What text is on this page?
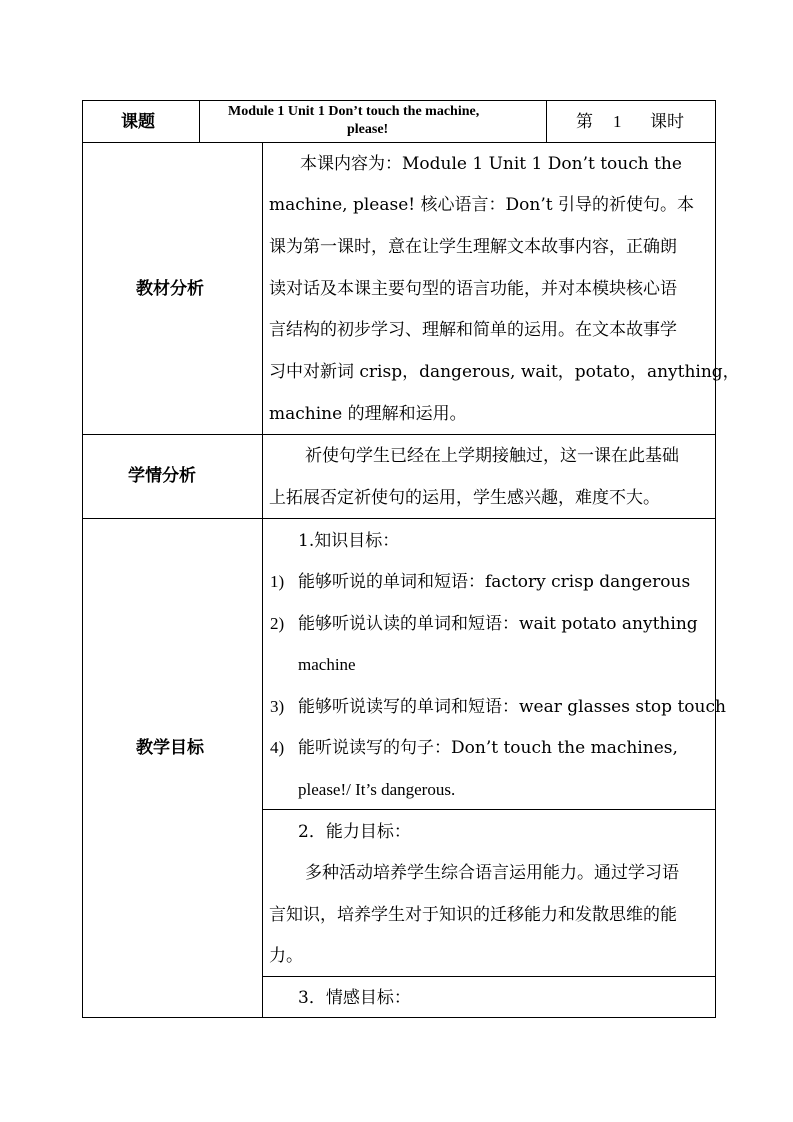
课题
Module 1 Unit 1 Don’t touch the machine,
please!	第 1 课时
教材分析
本课内容为：Module 1 Unit 1 Don’t touch the
machine, please! 核心语言：Don’t 引导的祈使句。本
课为第一课时，意在让学生理解文本故事内容，正确朗
读对话及本课主要句型的语言功能，并对本模块核心语
言结构的初步学习、理解和简单的运用。在文本故事学
习中对新词 crisp，dangerous, wait，potato，anything，
machine 的理解和运用。
学情分析
祈使句学生已经在上学期接触过，这一课在此基础
上拓展否定祈使句的运用，学生感兴趣，难度不大。
教学目标
1.知识目标：
1) 能够听说的单词和短语：factory crisp dangerous
2) 能够听说认读的单词和短语：wait potato anything
machine
3) 能够听说读写的单词和短语：wear glasses stop touch
4) 能听说读写的句子：Don’t touch the machines,
please!/ It’s dangerous.
2．能力目标：
多种活动培养学生综合语言运用能力。通过学习语
言知识，培养学生对于知识的迁移能力和发散思维的能
力。
3．情感目标：
